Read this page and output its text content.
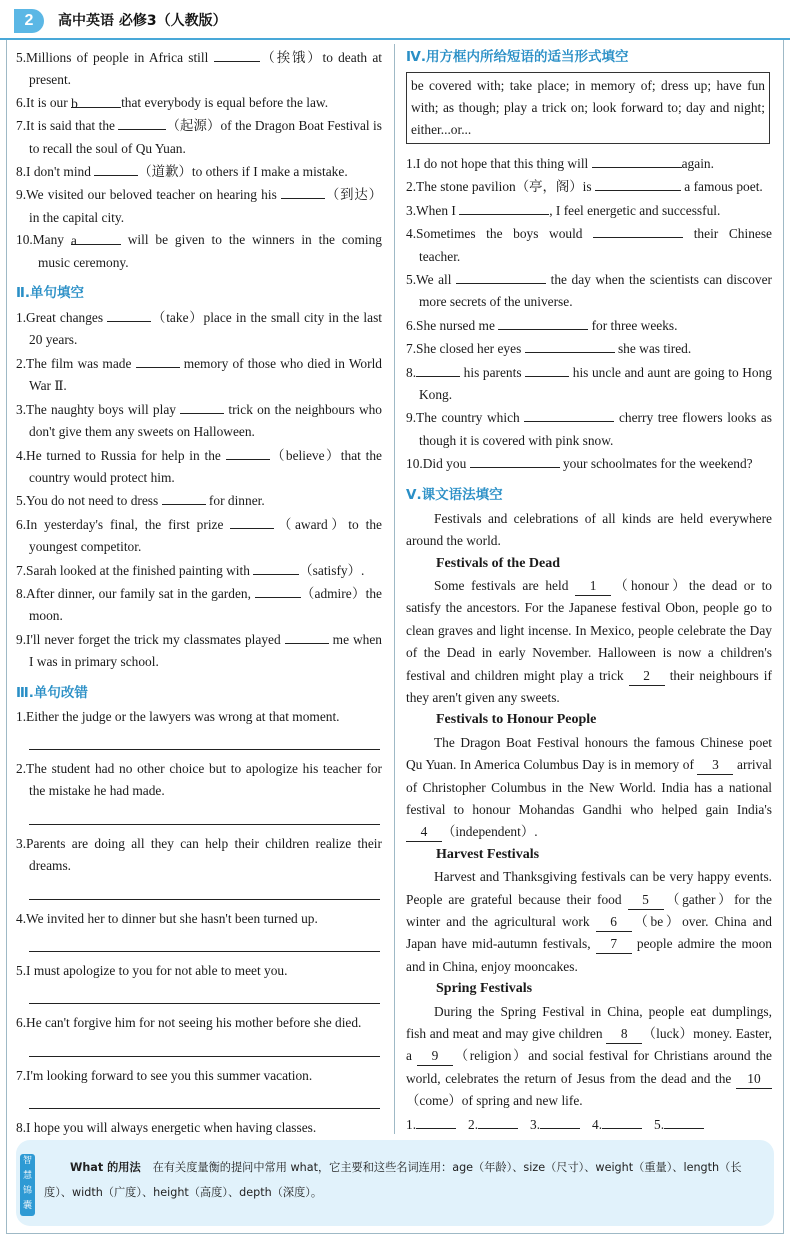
2	高中英语 必修3（人教版）
5.Millions of people in Africa still	（挨饿）to death at present.
6.It is our b	that everybody is equal before the law.
7.It is said that the	（起源）of the Dragon Boat Festival is to recall the soul of Qu Yuan.
8.I don't mind	（道歉）to others if I make a mistake.
9.We visited our beloved teacher on hearing his	（到达）in the capital city.
10.Many a	will be given to the winners in the coming music ceremony.
Ⅱ.单句填空
1.Great changes	（take）place in the small city in the last 20 years.
2.The film was made	memory of those who died in World War Ⅱ.
3.The naughty boys will play	trick on the neighbours who don't give them any sweets on Halloween.
4.He turned to Russia for help in the	（believe）that the country would protect him.
5.You do not need to dress	for dinner.
6.In yesterday's final, the first prize	（award）to the youngest competitor.
7.Sarah looked at the finished painting with	（satisfy）.
8.After dinner, our family sat in the garden,	（admire）the moon.
9.I'll never forget the trick my classmates played	me when I was in primary school.
Ⅲ.单句改错
1.Either the judge or the lawyers was wrong at that moment.
2.The student had no other choice but to apologize his teacher for the mistake he had made.
3.Parents are doing all they can help their children realize their dreams.
4.We invited her to dinner but she hasn't been turned up.
5.I must apologize to you for not able to meet you.
6.He can't forgive him for not seeing his mother before she died.
7.I'm looking forward to see you this summer vacation.
8.I hope you will always energetic when having classes.
Ⅳ.用方框内所给短语的适当形式填空
be covered with; take place; in memory of; dress up; have fun with; as though; play a trick on; look forward to; day and night; either...or...
1.I do not hope that this thing will	again.
2.The stone pavilion（亭，阁）is	a famous poet.
3.When I	, I feel energetic and successful.
4.Sometimes the boys would	their Chinese teacher.
5.We all	the day when the scientists can discover more secrets of the universe.
6.She nursed me	for three weeks.
7.She closed her eyes	she was tired.
8.	his parents	his uncle and aunt are going to Hong Kong.
9.The country which	cherry tree flowers looks as though it is covered with pink snow.
10.Did you	your schoolmates for the weekend?
Ⅴ.课文语法填空
Festivals and celebrations of all kinds are held everywhere around the world.
Festivals of the Dead
Some festivals are held 1 （honour）the dead or to satisfy the ancestors. For the Japanese festival Obon, people go to clean graves and light incense. In Mexico, people celebrate the Day of the Dead in early November. Halloween is now a children's festival and children might play a trick 2 their neighbours if they aren't given any sweets.
Festivals to Honour People
The Dragon Boat Festival honours the famous Chinese poet Qu Yuan. In America Columbus Day is in memory of 3 arrival of Christopher Columbus in the New World. India has a national festival to honour Mohandas Gandhi who helped gain India's 4 （independent）.
Harvest Festivals
Harvest and Thanksgiving festivals can be very happy events. People are grateful because their food 5 （gather）for the winter and the agricultural work 6 （be）over. China and Japan have mid-autumn festivals, 7 people admire the moon and in China, enjoy mooncakes.
Spring Festivals
During the Spring Festival in China, people eat dumplings, fish and meat and may give children 8 （luck）money. Easter, a 9 （religion）and social festival for Christians around the world, celebrates the return of Jesus from the dead and the 10（come）of spring and new life.
1.	2.	3.	4.	5.
智慧锦囊
What 的用法 在有关度量衡的提问中常用 what，它主要和这些名词连用：age（年龄）、size（尺寸）、weight（重量）、length（长度）、width（广度）、height（高度）、depth（深度）。
